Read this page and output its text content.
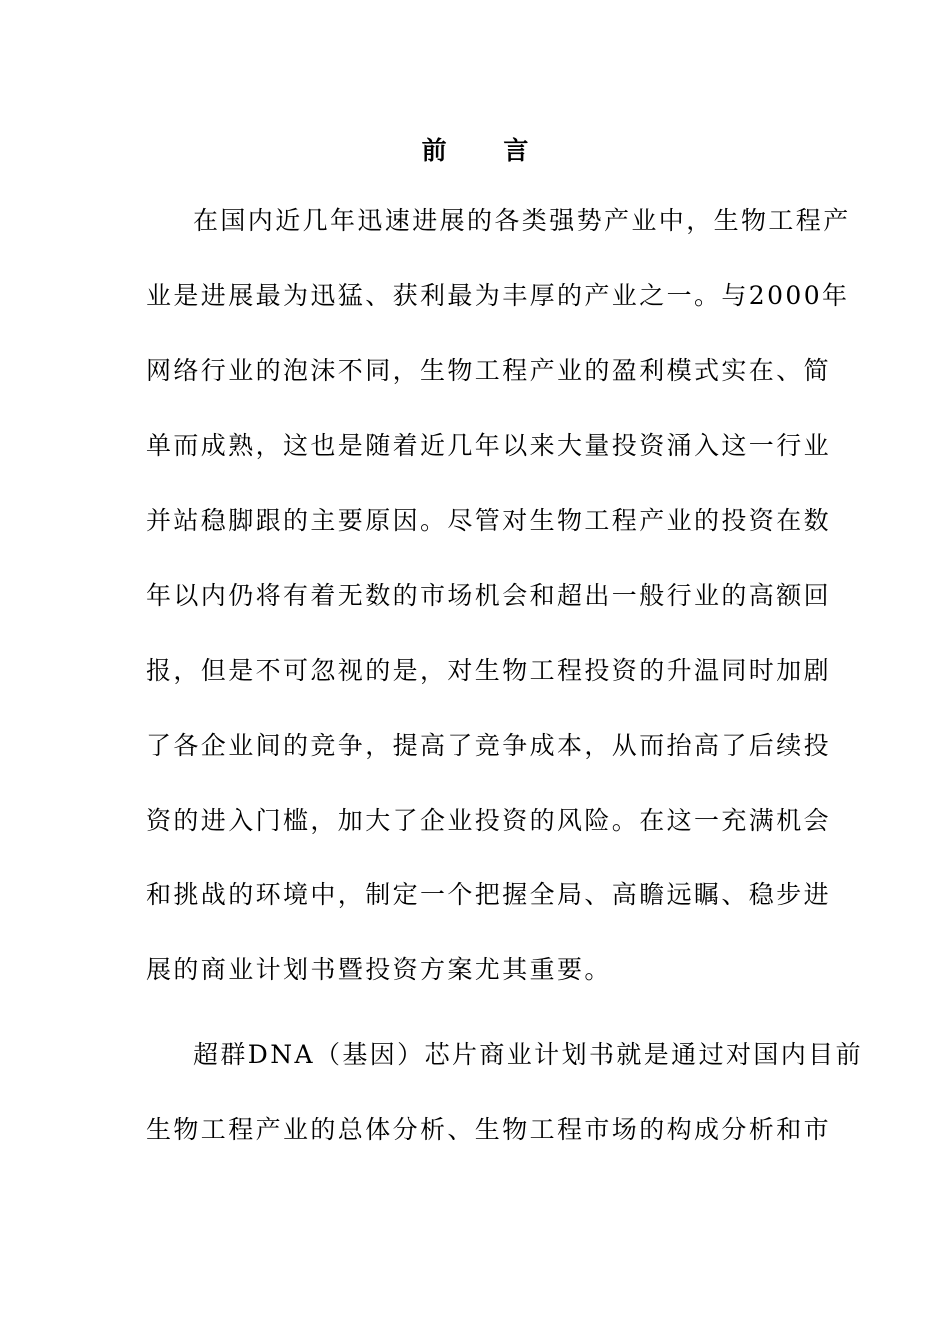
前 言
在国内近几年迅速进展的各类强势产业中，生物工程产
业是进展最为迅猛、获利最为丰厚的产业之一。与2000年
网络行业的泡沫不同，生物工程产业的盈利模式实在、简
单而成熟，这也是随着近几年以来大量投资涌入这一行业
并站稳脚跟的主要原因。尽管对生物工程产业的投资在数
年以内仍将有着无数的市场机会和超出一般行业的高额回
报，但是不可忽视的是，对生物工程投资的升温同时加剧
了各企业间的竞争，提高了竞争成本，从而抬高了后续投
资的进入门槛，加大了企业投资的风险。在这一充满机会
和挑战的环境中，制定一个把握全局、高瞻远瞩、稳步进
展的商业计划书暨投资方案尤其重要。
超群DNA（基因）芯片商业计划书就是通过对国内目前
生物工程产业的总体分析、生物工程市场的构成分析和市
